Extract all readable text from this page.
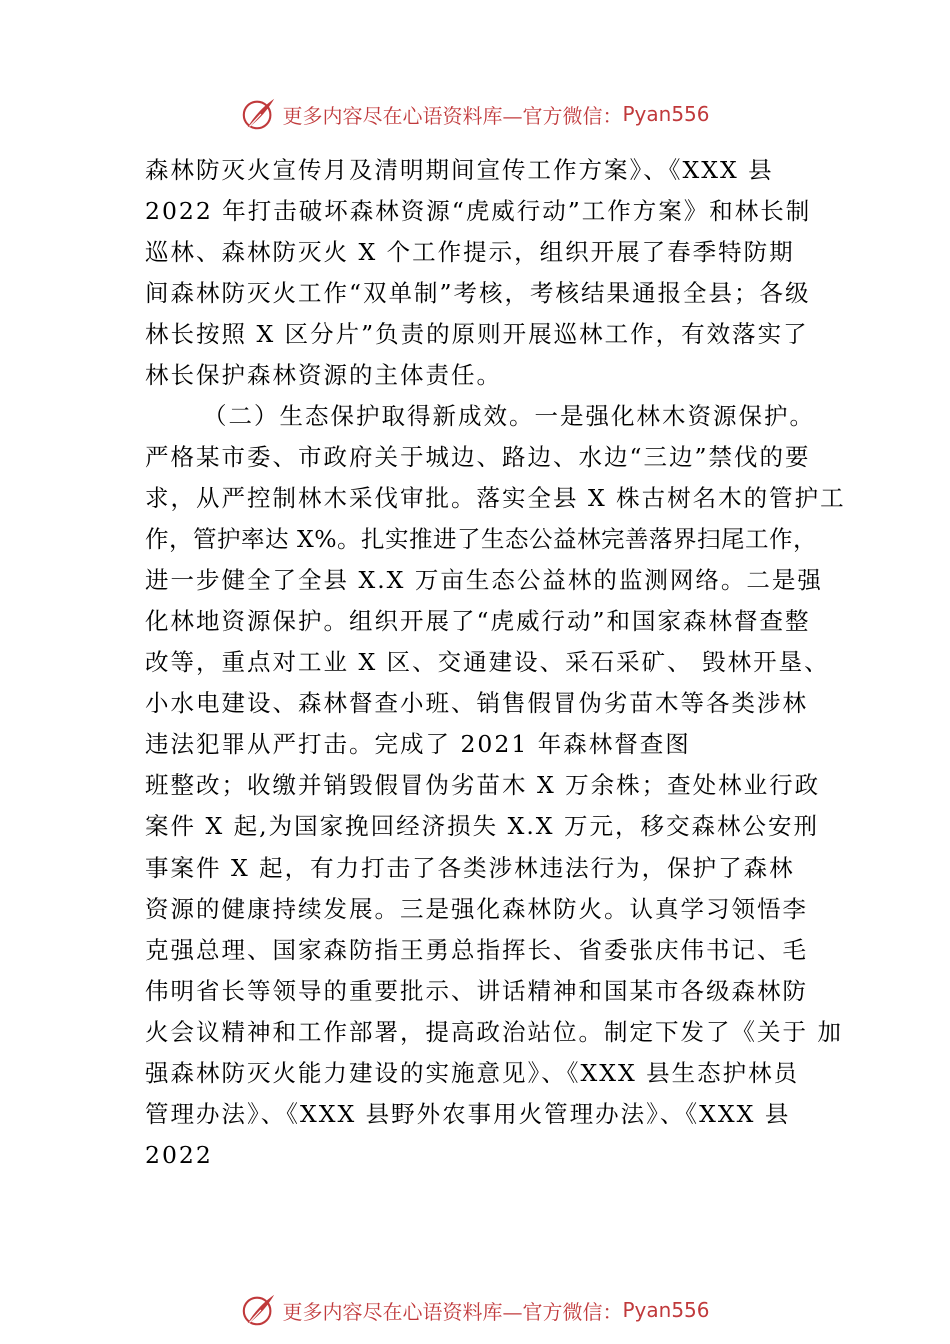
更多内容尽在心语资料库—官方微信： Pyan556
森林防灭火宣传月及清明期间宣传工作方案》、《XXX 县
2022 年打击破坏森林资源“虎威行动”工作方案》和林长制
巡林、森林防灭火 X 个工作提示，组织开展了春季特防期
间森林防灭火工作“双单制”考核，考核结果通报全县；各级
林长按照 X 区分片”负责的原则开展巡林工作，有效落实了
林长保护森林资源的主体责任。
（二）生态保护取得新成效。一是强化林木资源保护。
严格某市委、市政府关于城边、路边、水边“三边”禁伐的要
求，从严控制林木采伐审批。落实全县 X 株古树名木的管护工
作，管护率达 X%。扎实推进了生态公益林完善落界扫尾工作，
进一步健全了全县 X.X 万亩生态公益林的监测网络。二是强
化林地资源保护。组织开展了“虎威行动”和国家森林督查整
改等，重点对工业 X 区、交通建设、采石采矿、 毁林开垦、
小水电建设、森林督查小班、销售假冒伪劣苗木等各类涉林
违法犯罪从严打击。完成了 2021 年森林督查图
班整改；收缴并销毁假冒伪劣苗木 X 万余株；查处林业行政
案件 X 起,为国家挽回经济损失 X.X 万元，移交森林公安刑
事案件 X 起，有力打击了各类涉林违法行为，保护了森林
资源的健康持续发展。三是强化森林防火。认真学习领悟李
克强总理、国家森防指王勇总指挥长、省委张庆伟书记、毛
伟明省长等领导的重要批示、讲话精神和国某市各级森林防
火会议精神和工作部署，提高政治站位。制定下发了《关于 加
强森林防灭火能力建设的实施意见》、《XXX 县生态护林员
管理办法》、《XXX 县野外农事用火管理办法》、《XXX 县
2022
更多内容尽在心语资料库—官方微信： Pyan556
